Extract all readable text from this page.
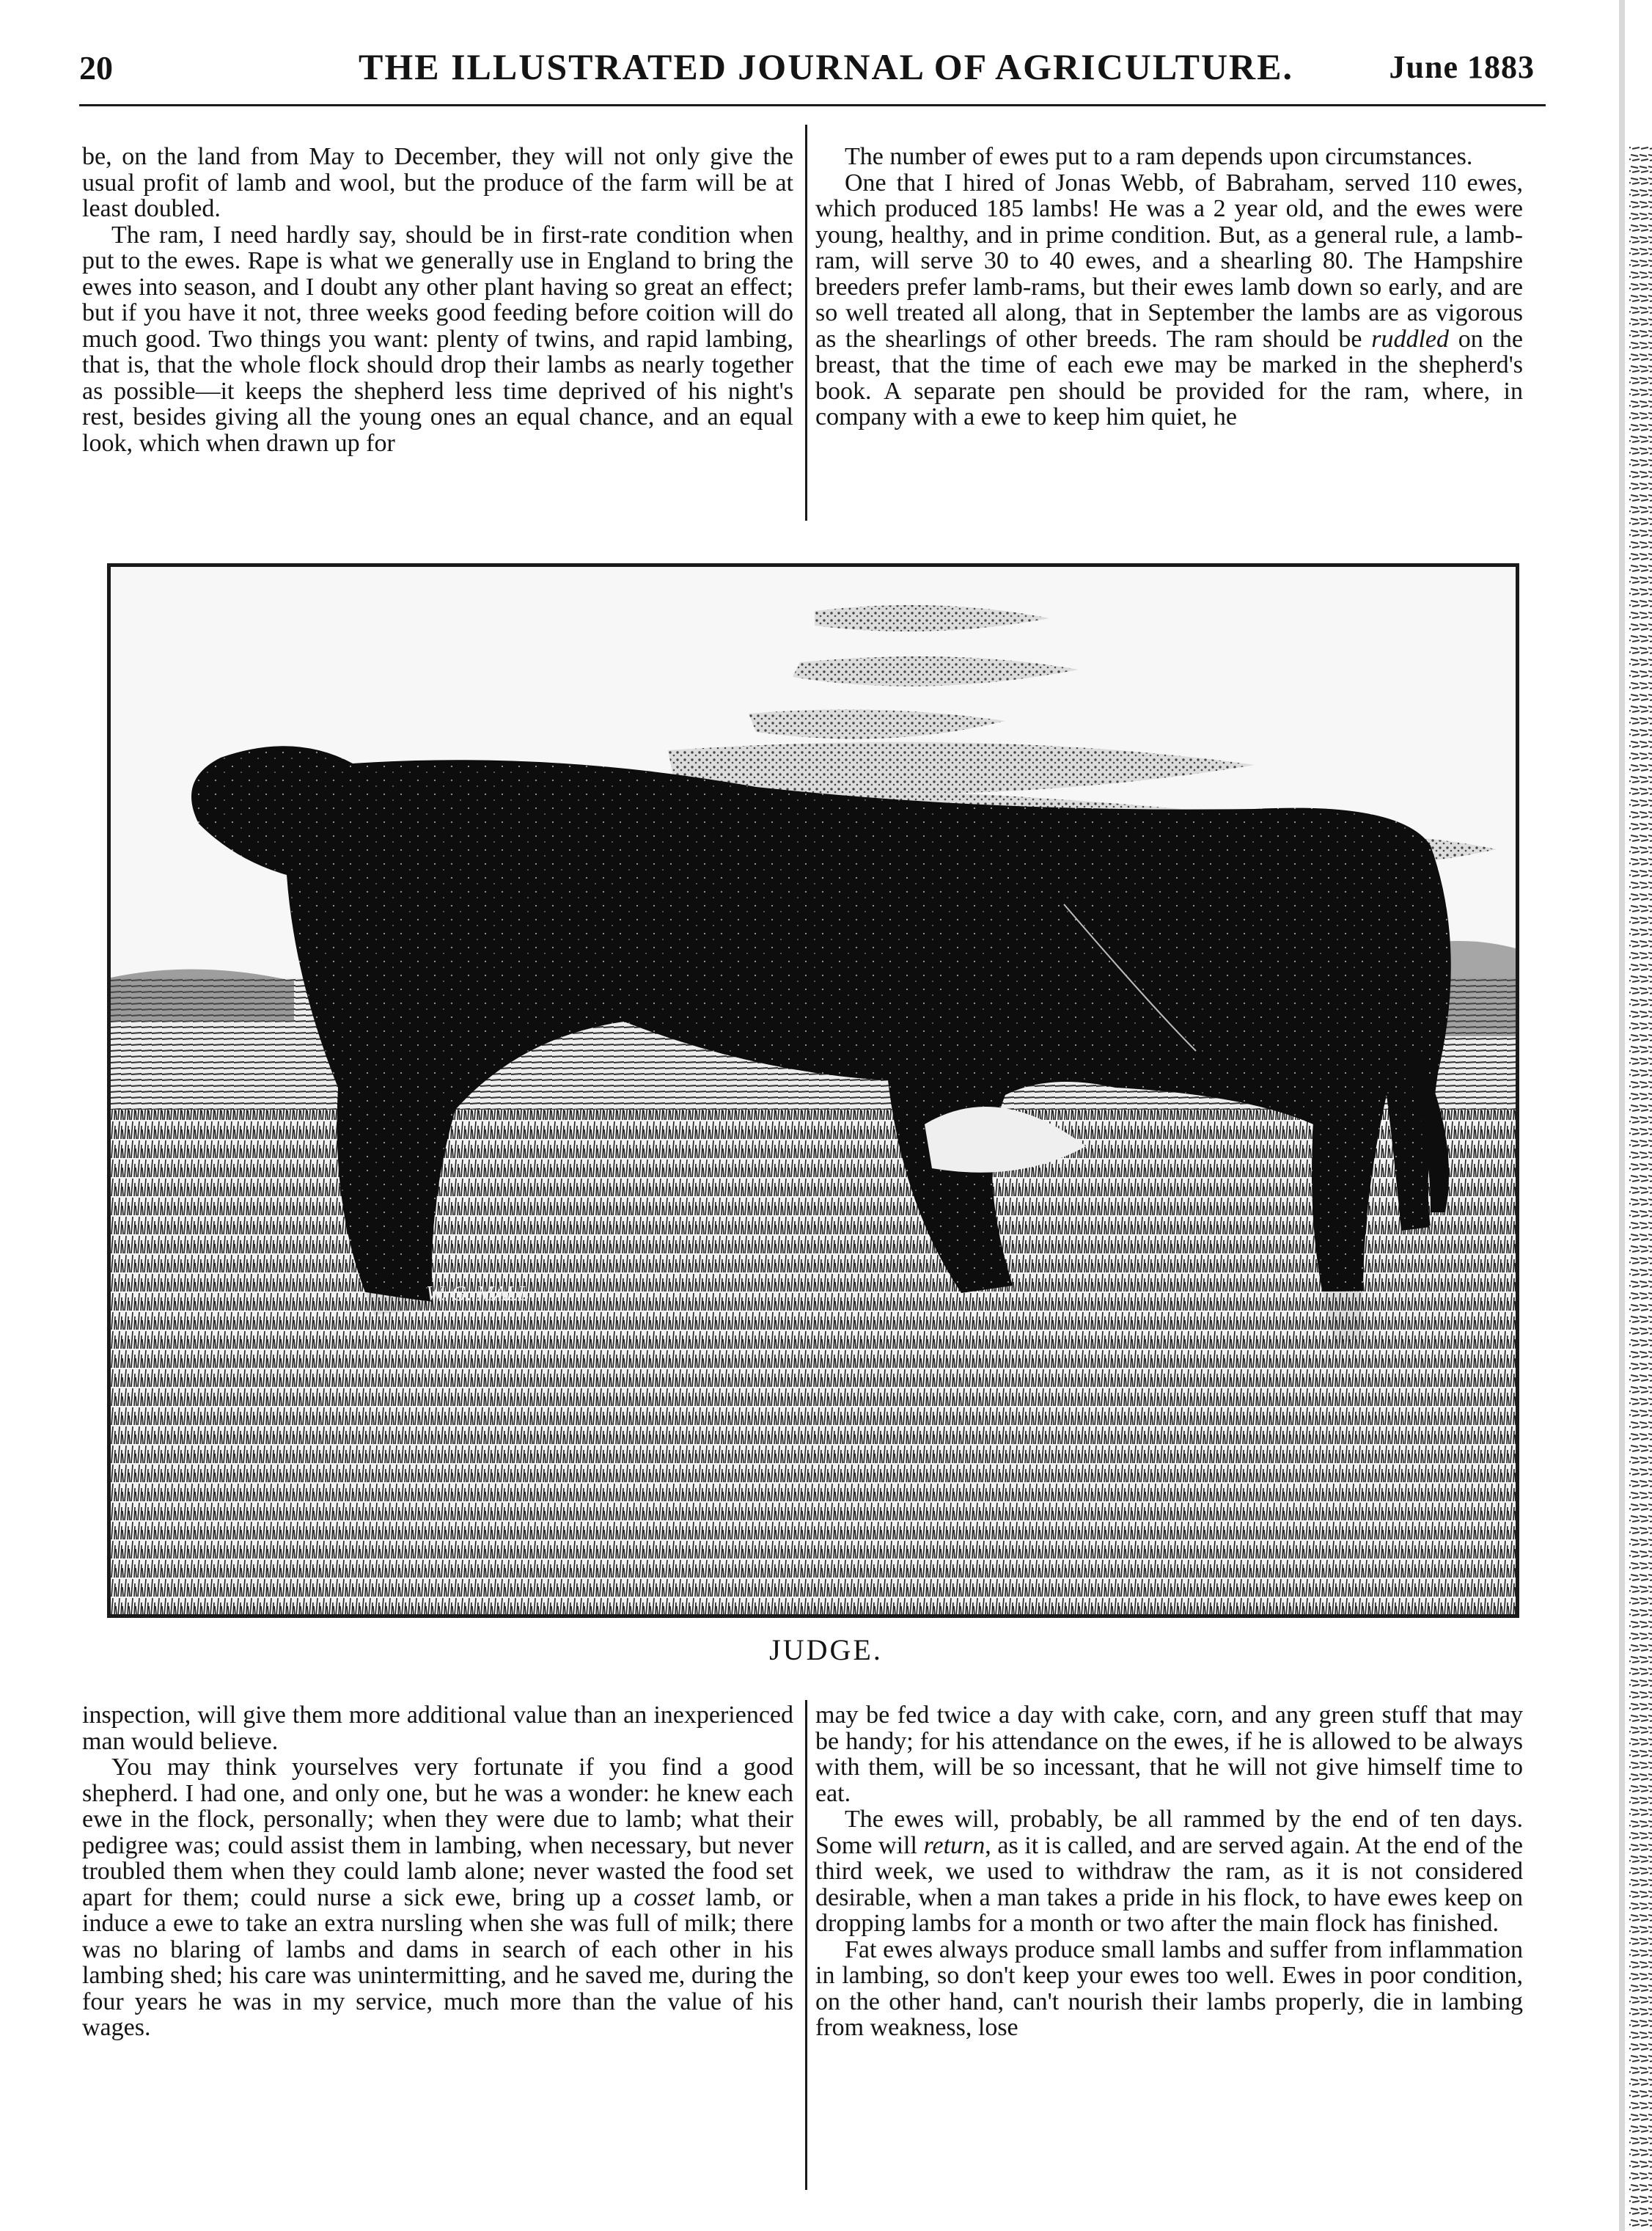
20	THE ILLUSTRATED JOURNAL OF AGRICULTURE.	June 1883

be, on the land from May to December, they will not only give the usual profit of lamb and wool, but the produce of the farm will be at least doubled.

The ram, I need hardly say, should be in first-rate condition when put to the ewes. Rape is what we generally use in England to bring the ewes into season, and I doubt any other plant having so great an effect; but if you have it not, three weeks good feeding before coition will do much good. Two things you want: plenty of twins, and rapid lambing, that is, that the whole flock should drop their lambs as nearly together as possible—it keeps the shepherd less time deprived of his night's rest, besides giving all the young ones an equal chance, and an equal look, which when drawn up for

The number of ewes put to a ram depends upon circumstances.

One that I hired of Jonas Webb, of Babraham, served 110 ewes, which produced 185 lambs! He was a 2 year old, and the ewes were young, healthy, and in prime condition. But, as a general rule, a lamb-ram, will serve 30 to 40 ewes, and a shearling 80. The Hampshire breeders prefer lamb-rams, but their ewes lamb down so early, and are so well treated all along, that in September the lambs are as vigorous as the shearlings of other breeds. The ram should be ruddled on the breast, that the time of each ewe may be marked in the shepherd's book. A separate pen should be provided for the ram, where, in company with a ewe to keep him quiet, he

W. G. MALL
JUDGE.

inspection, will give them more additional value than an inexperienced man would believe.

You may think yourselves very fortunate if you find a good shepherd. I had one, and only one, but he was a wonder: he knew each ewe in the flock, personally; when they were due to lamb; what their pedigree was; could assist them in lambing, when necessary, but never troubled them when they could lamb alone; never wasted the food set apart for them; could nurse a sick ewe, bring up a cosset lamb, or induce a ewe to take an extra nursling when she was full of milk; there was no blaring of lambs and dams in search of each other in his lambing shed; his care was unintermitting, and he saved me, during the four years he was in my service, much more than the value of his wages.

may be fed twice a day with cake, corn, and any green stuff that may be handy; for his attendance on the ewes, if he is allowed to be always with them, will be so incessant, that he will not give himself time to eat.

The ewes will, probably, be all rammed by the end of ten days. Some will return, as it is called, and are served again. At the end of the third week, we used to withdraw the ram, as it is not considered desirable, when a man takes a pride in his flock, to have ewes keep on dropping lambs for a month or two after the main flock has finished.

Fat ewes always produce small lambs and suffer from inflammation in lambing, so don't keep your ewes too well. Ewes in poor condition, on the other hand, can't nourish their lambs properly, die in lambing from weakness, lose
